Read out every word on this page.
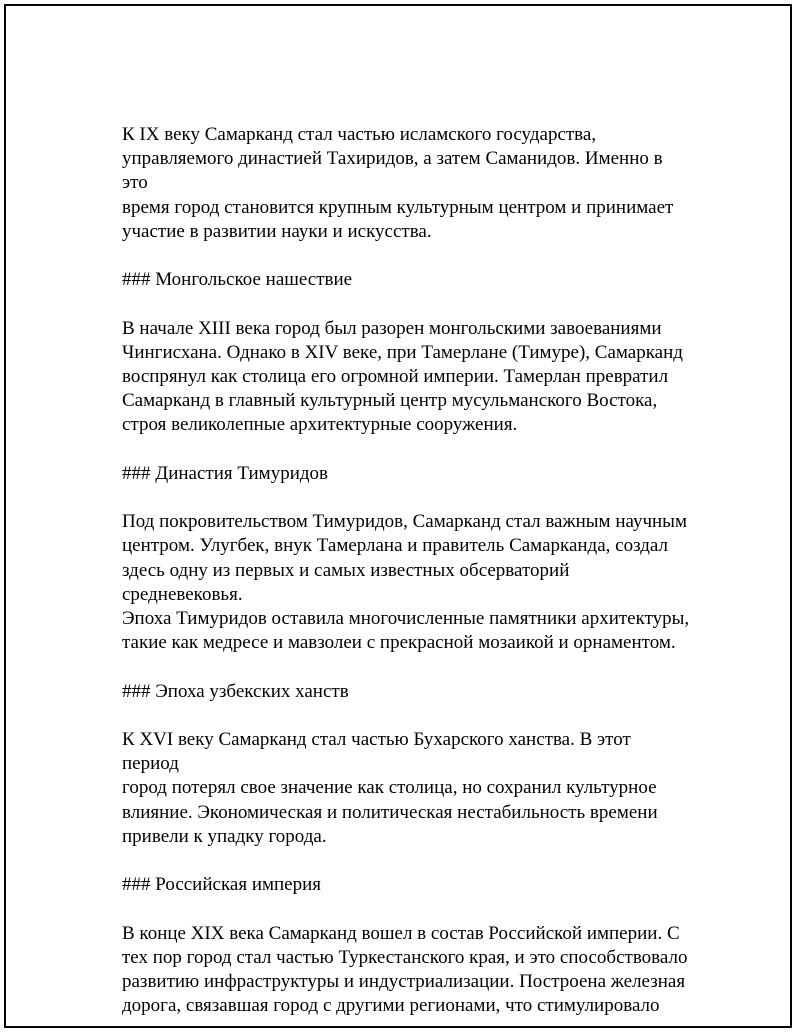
К IX веку Самарканд стал частью исламского государства,
управляемого династией Тахиридов, а затем Саманидов. Именно в это
время город становится крупным культурным центром и принимает
участие в развитии науки и искусства.

### Монгольское нашествие

В начале XIII века город был разорен монгольскими завоеваниями
Чингисхана. Однако в XIV веке, при Тамерлане (Тимуре), Самарканд
воспрянул как столица его огромной империи. Тамерлан превратил
Самарканд в главный культурный центр мусульманского Востока,
строя великолепные архитектурные сооружения.

### Династия Тимуридов

Под покровительством Тимуридов, Самарканд стал важным научным
центром. Улугбек, внук Тамерлана и правитель Самарканда, создал
здесь одну из первых и самых известных обсерваторий средневековья.
Эпоха Тимуридов оставила многочисленные памятники архитектуры,
такие как медресе и мавзолеи с прекрасной мозаикой и орнаментом.

### Эпоха узбекских ханств

К XVI веку Самарканд стал частью Бухарского ханства. В этот период
город потерял свое значение как столица, но сохранил культурное
влияние. Экономическая и политическая нестабильность времени
привели к упадку города.

### Российская империя

В конце XIX века Самарканд вошел в состав Российской империи. С
тех пор город стал частью Туркестанского края, и это способствовало
развитию инфраструктуры и индустриализации. Построена железная
дорога, связавшая город с другими регионами, что стимулировало
